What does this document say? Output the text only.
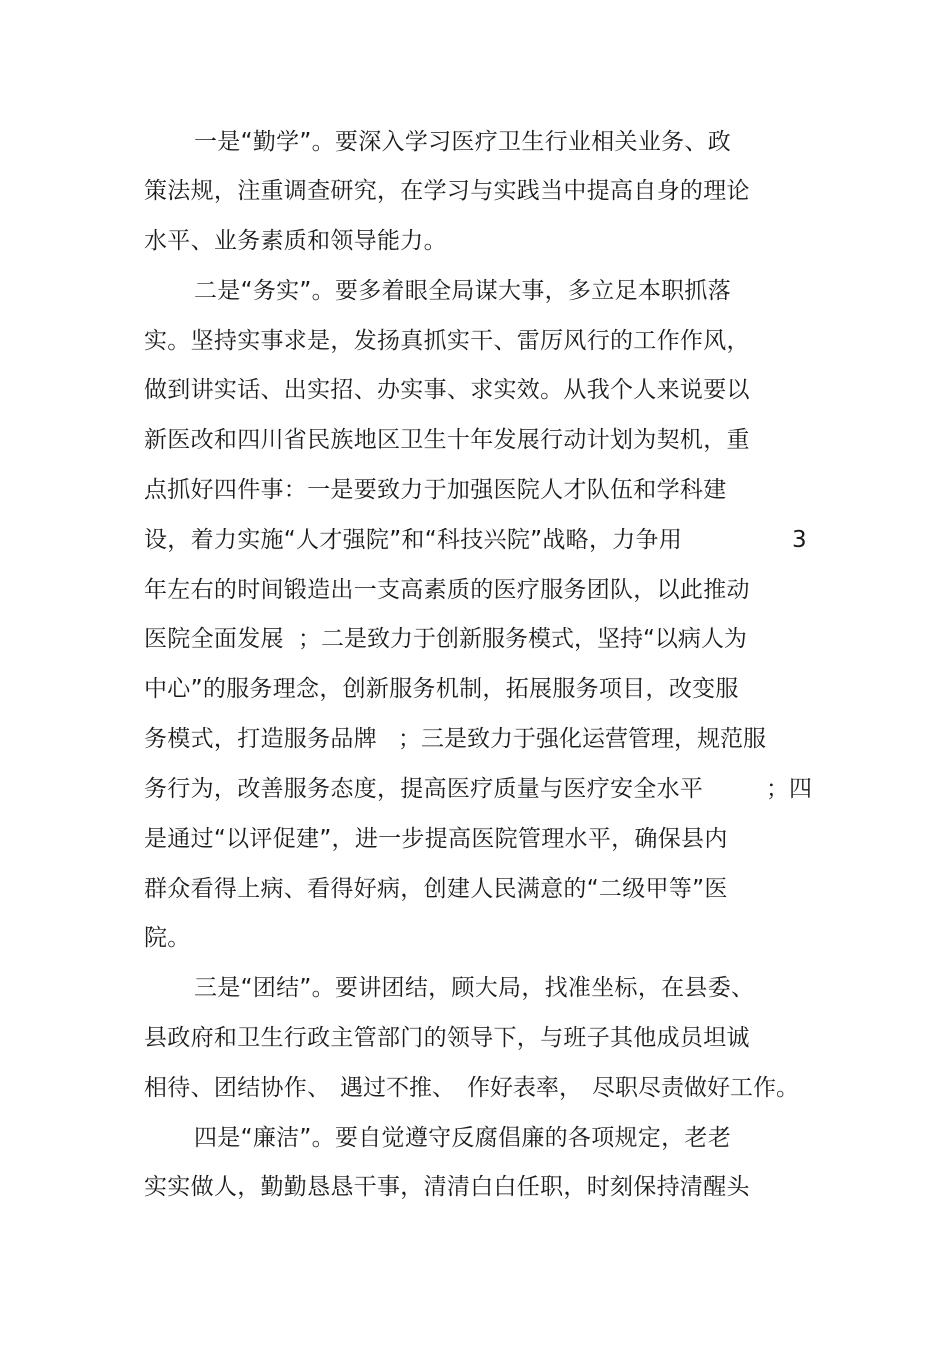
一是“勤学”。要深入学习医疗卫生行业相关业务、政
策法规，注重调查研究，在学习与实践当中提高自身的理论
水平、业务素质和领导能力。
二是“务实”。要多着眼全局谋大事，多立足本职抓落
实。坚持实事求是，发扬真抓实干、雷厉风行的工作作风，
做到讲实话、出实招、办实事、求实效。从我个人来说要以
新医改和四川省民族地区卫生十年发展行动计划为契机，重
点抓好四件事：一是要致力于加强医院人才队伍和学科建
设，着力实施“人才强院”和“科技兴院”战略，力争用	3
年左右的时间锻造出一支高素质的医疗服务团队，以此推动
医院全面发展 ；二是致力于创新服务模式，坚持“以病人为
中心”的服务理念，创新服务机制，拓展服务项目，改变服
务模式，打造服务品牌 ；三是致力于强化运营管理，规范服
务行为，改善服务态度，提高医疗质量与医疗安全水平	；四
是通过“以评促建”，进一步提高医院管理水平，确保县内
群众看得上病、看得好病，创建人民满意的“二级甲等”医
院。
三是“团结”。要讲团结，顾大局，找准坐标，在县委、
县政府和卫生行政主管部门的领导下，与班子其他成员坦诚
相待、团结协作、 遇过不推、 作好表率， 尽职尽责做好工作。
四是“廉洁”。要自觉遵守反腐倡廉的各项规定，老老
实实做人，勤勤恳恳干事，清清白白任职，时刻保持清醒头
